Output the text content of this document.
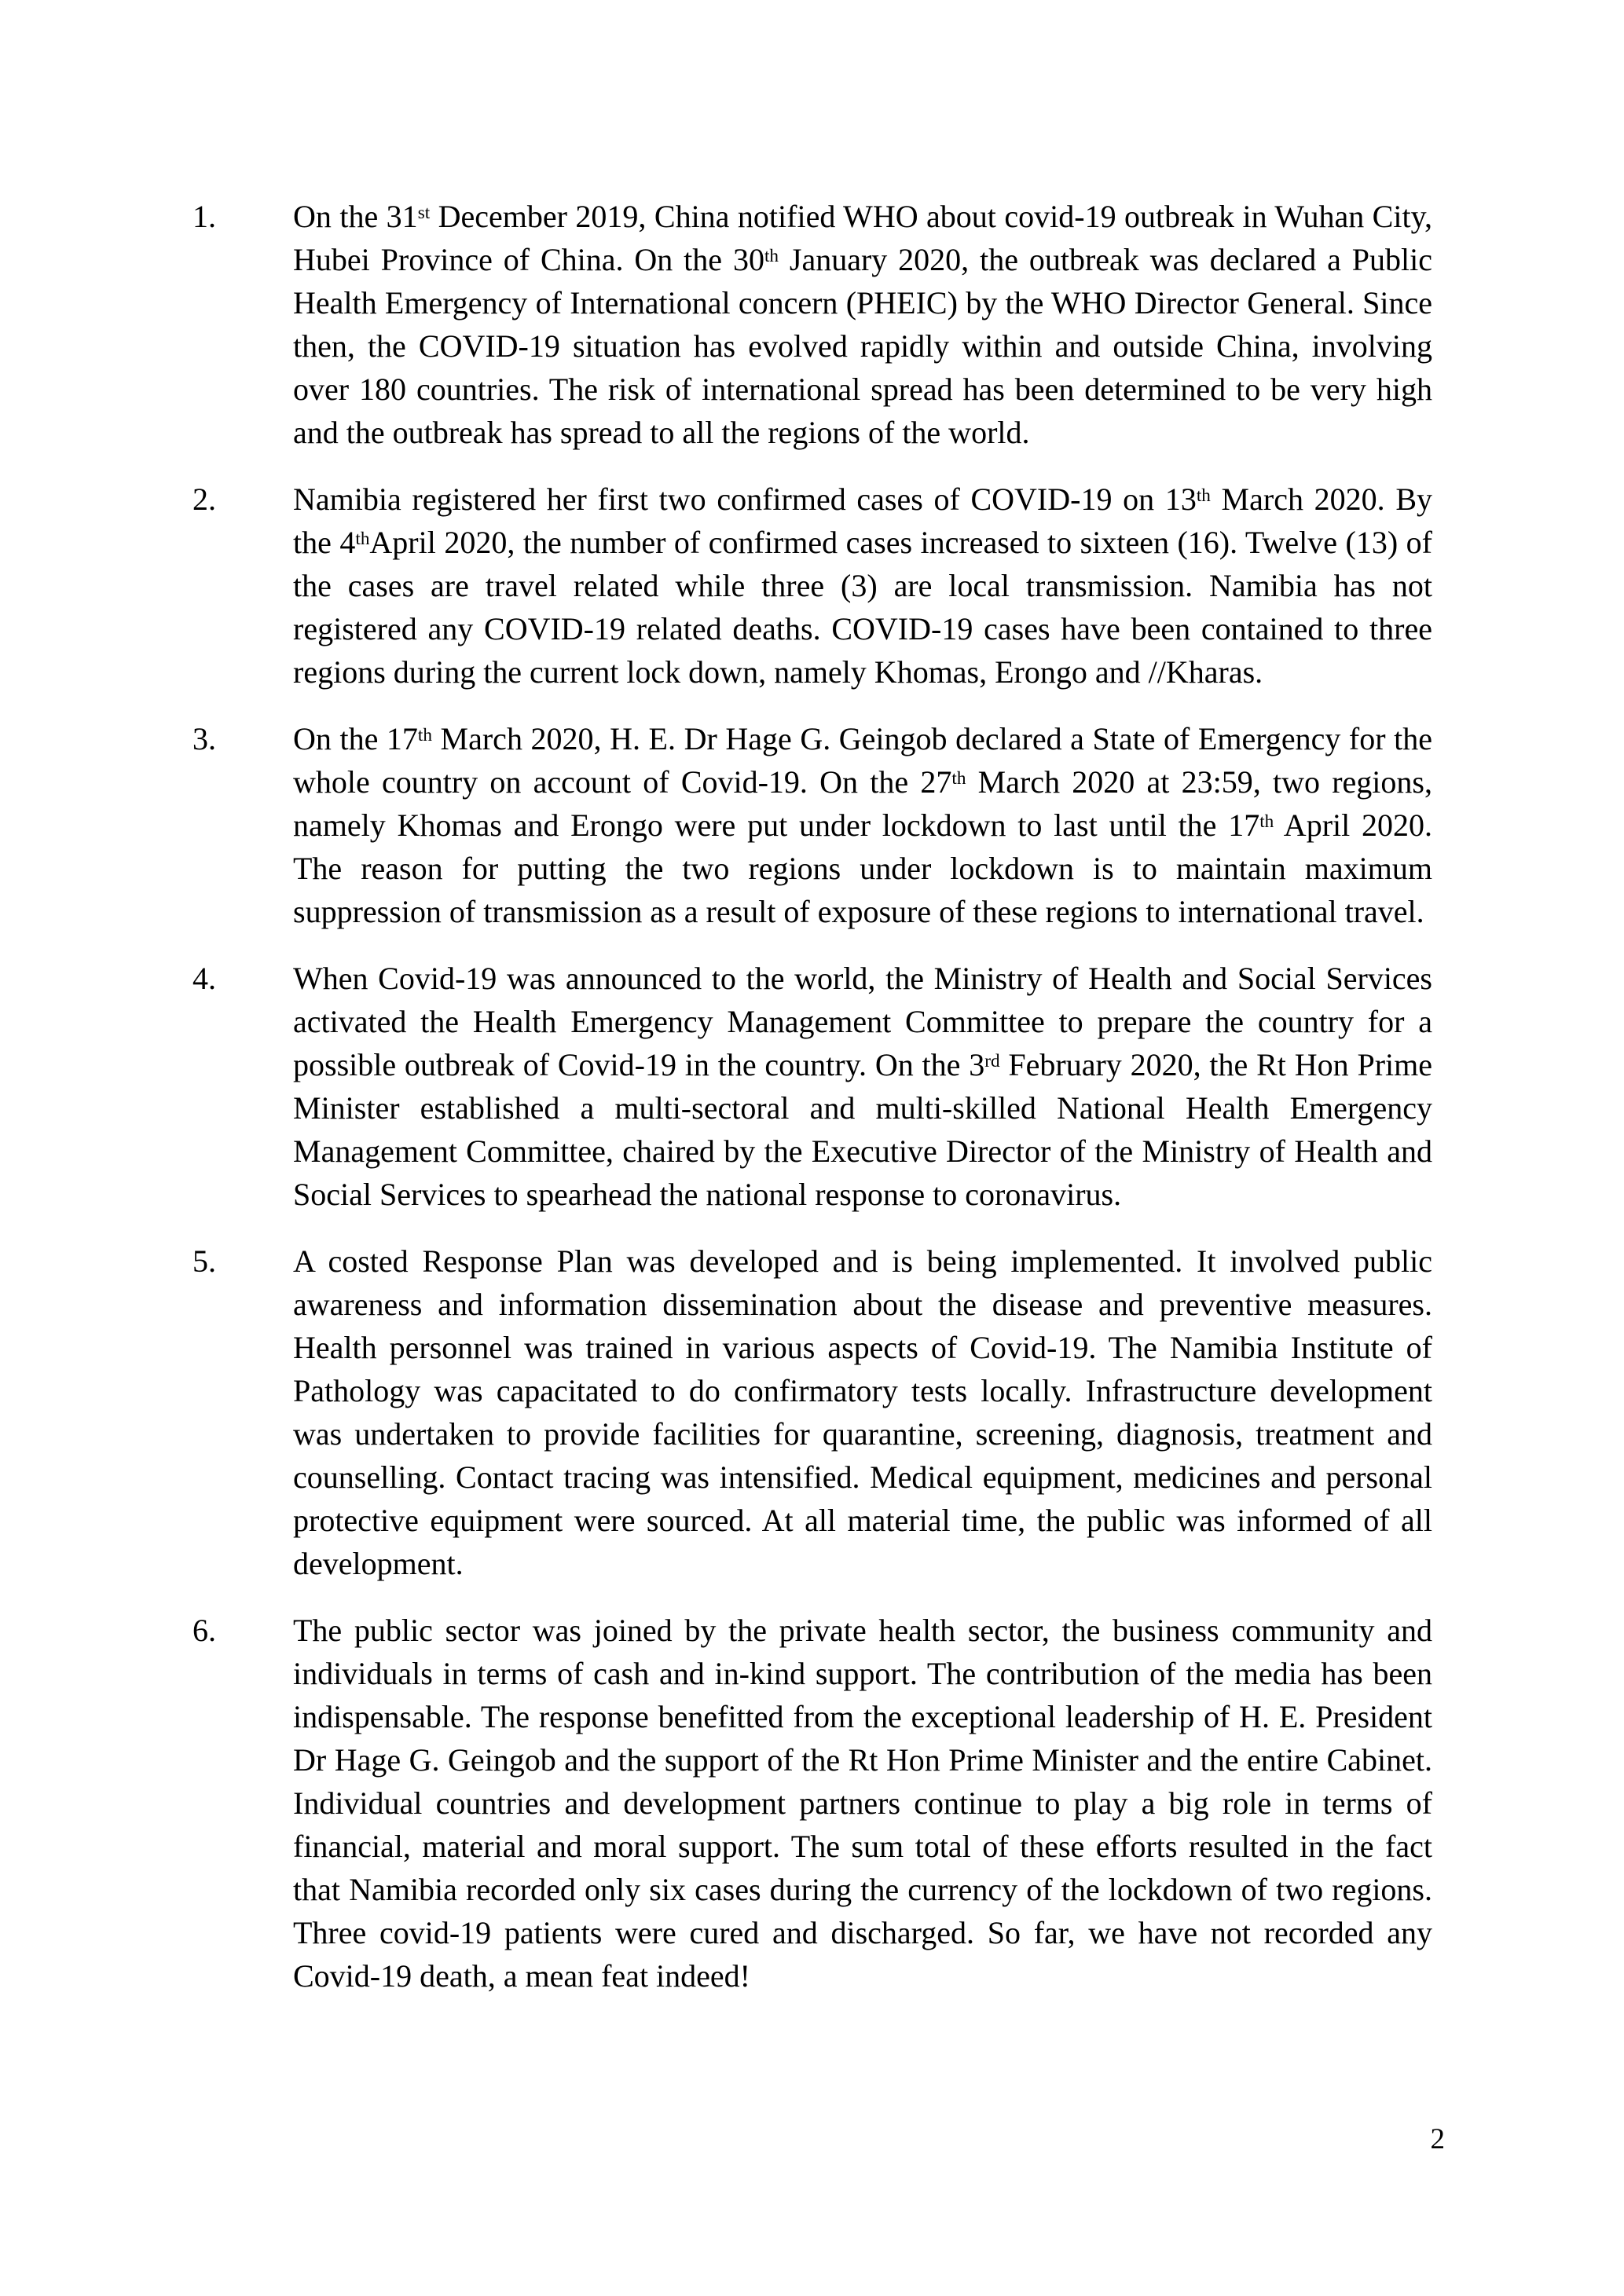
1.	On the 31st December 2019, China notified WHO about covid-19 outbreak in Wuhan City, Hubei Province of China. On the 30th January 2020, the outbreak was declared a Public Health Emergency of International concern (PHEIC) by the WHO Director General. Since then, the COVID-19 situation has evolved rapidly within and outside China, involving over 180 countries. The risk of international spread has been determined to be very high and the outbreak has spread to all the regions of the world.
2.	Namibia registered her first two confirmed cases of COVID-19 on 13th March 2020. By the 4thApril 2020, the number of confirmed cases increased to sixteen (16). Twelve (13) of the cases are travel related while three (3) are local transmission. Namibia has not registered any COVID-19 related deaths. COVID-19 cases have been contained to three regions during the current lock down, namely Khomas, Erongo and //Kharas.
3.	On the 17th March 2020, H. E. Dr Hage G. Geingob declared a State of Emergency for the whole country on account of Covid-19. On the 27th March 2020 at 23:59, two regions, namely Khomas and Erongo were put under lockdown to last until the 17th April 2020. The reason for putting the two regions under lockdown is to maintain maximum suppression of transmission as a result of exposure of these regions to international travel.
4.	When Covid-19 was announced to the world, the Ministry of Health and Social Services activated the Health Emergency Management Committee to prepare the country for a possible outbreak of Covid-19 in the country. On the 3rd February 2020, the Rt Hon Prime Minister established a multi-sectoral and multi-skilled National Health Emergency Management Committee, chaired by the Executive Director of the Ministry of Health and Social Services to spearhead the national response to coronavirus.
5.	A costed Response Plan was developed and is being implemented. It involved public awareness and information dissemination about the disease and preventive measures. Health personnel was trained in various aspects of Covid-19. The Namibia Institute of Pathology was capacitated to do confirmatory tests locally. Infrastructure development was undertaken to provide facilities for quarantine, screening, diagnosis, treatment and counselling. Contact tracing was intensified. Medical equipment, medicines and personal protective equipment were sourced. At all material time, the public was informed of all development.
6.	The public sector was joined by the private health sector, the business community and individuals in terms of cash and in-kind support. The contribution of the media has been indispensable. The response benefitted from the exceptional leadership of H. E. President Dr Hage G. Geingob and the support of the Rt Hon Prime Minister and the entire Cabinet. Individual countries and development partners continue to play a big role in terms of financial, material and moral support. The sum total of these efforts resulted in the fact that Namibia recorded only six cases during the currency of the lockdown of two regions. Three covid-19 patients were cured and discharged. So far, we have not recorded any Covid-19 death, a mean feat indeed!
2
